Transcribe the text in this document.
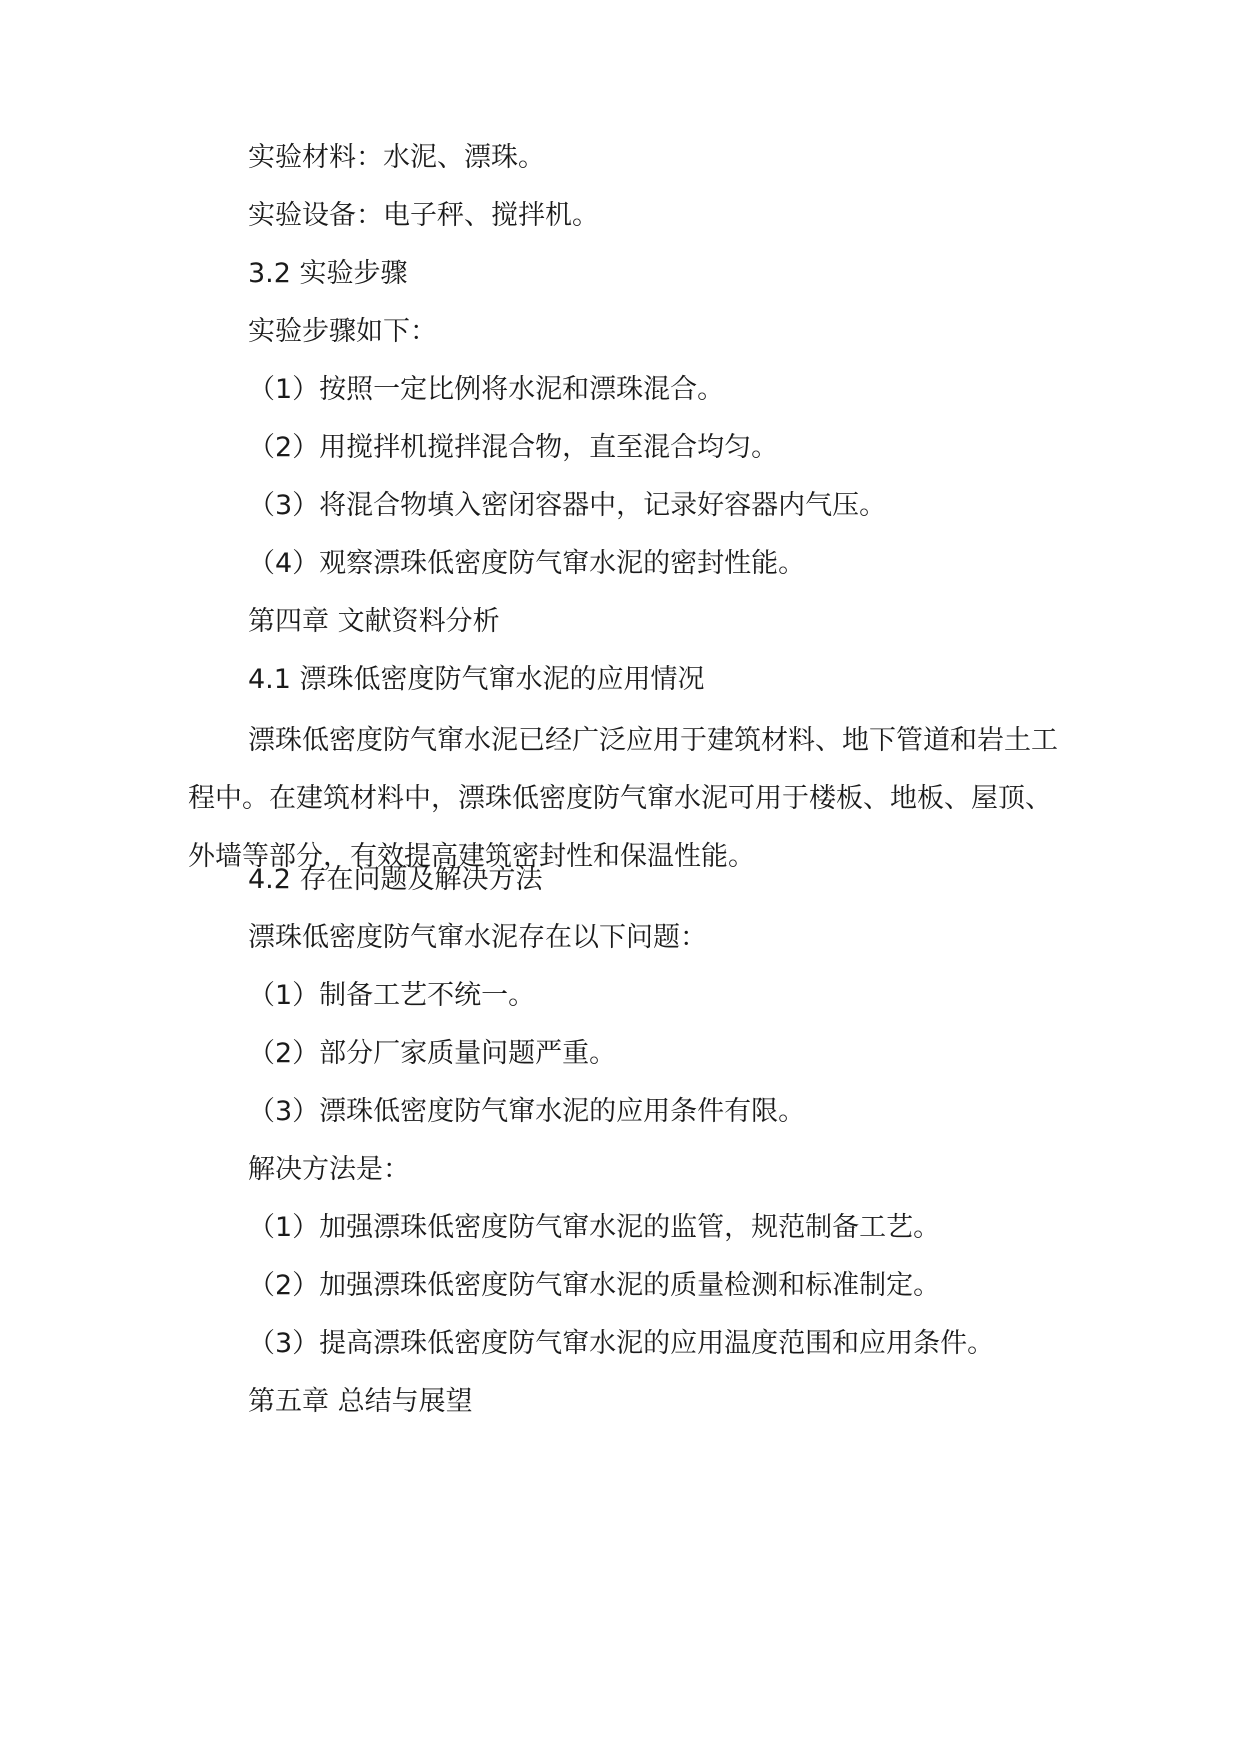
实验材料：水泥、漂珠。
实验设备：电子秤、搅拌机。
3.2 实验步骤
实验步骤如下：
（1）按照一定比例将水泥和漂珠混合。
（2）用搅拌机搅拌混合物，直至混合均匀。
（3）将混合物填入密闭容器中，记录好容器内气压。
（4）观察漂珠低密度防气窜水泥的密封性能。
第四章 文献资料分析
4.1 漂珠低密度防气窜水泥的应用情况
漂珠低密度防气窜水泥已经广泛应用于建筑材料、地下管道和岩土工程中。在建筑材料中，漂珠低密度防气窜水泥可用于楼板、地板、屋顶、外墙等部分，有效提高建筑密封性和保温性能。
4.2 存在问题及解决方法
漂珠低密度防气窜水泥存在以下问题：
（1）制备工艺不统一。
（2）部分厂家质量问题严重。
（3）漂珠低密度防气窜水泥的应用条件有限。
解决方法是：
（1）加强漂珠低密度防气窜水泥的监管，规范制备工艺。
（2）加强漂珠低密度防气窜水泥的质量检测和标准制定。
（3）提高漂珠低密度防气窜水泥的应用温度范围和应用条件。
第五章 总结与展望
